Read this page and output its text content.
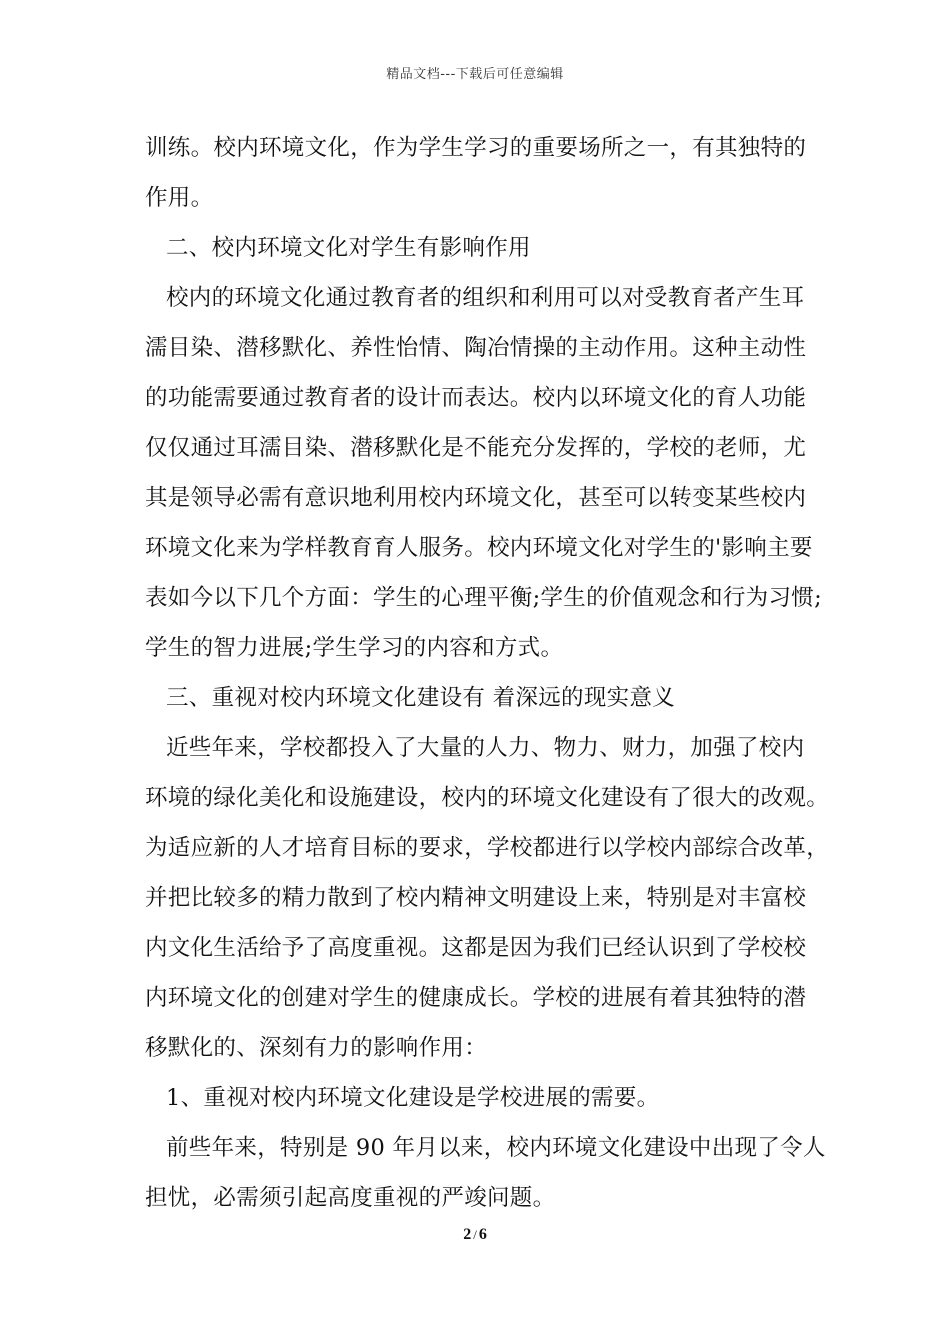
精品文档---下载后可任意编辑
训练。校内环境文化，作为学生学习的重要场所之一，有其独特的
作用。
二、校内环境文化对学生有影响作用
校内的环境文化通过教育者的组织和利用可以对受教育者产生耳
濡目染、潜移默化、养性怡情、陶冶情操的主动作用。这种主动性
的功能需要通过教育者的设计而表达。校内以环境文化的育人功能
仅仅通过耳濡目染、潜移默化是不能充分发挥的，学校的老师，尤
其是领导必需有意识地利用校内环境文化，甚至可以转变某些校内
环境文化来为学样教育育人服务。校内环境文化对学生的'影响主要
表如今以下几个方面：学生的心理平衡;学生的价值观念和行为习惯;
学生的智力进展;学生学习的内容和方式。
三、重视对校内环境文化建设有 着深远的现实意义
近些年来，学校都投入了大量的人力、物力、财力，加强了校内
环境的绿化美化和设施建设，校内的环境文化建设有了很大的改观。
为适应新的人才培育目标的要求，学校都进行以学校内部综合改革，
并把比较多的精力散到了校内精神文明建设上来，特别是对丰富校
内文化生活给予了高度重视。这都是因为我们已经认识到了学校校
内环境文化的创建对学生的健康成长。学校的进展有着其独特的潜
移默化的、深刻有力的影响作用：
1、重视对校内环境文化建设是学校进展的需要。
前些年来，特别是 90 年月以来，校内环境文化建设中出现了令人
担忧，必需须引起高度重视的严竣问题。
2 / 6
